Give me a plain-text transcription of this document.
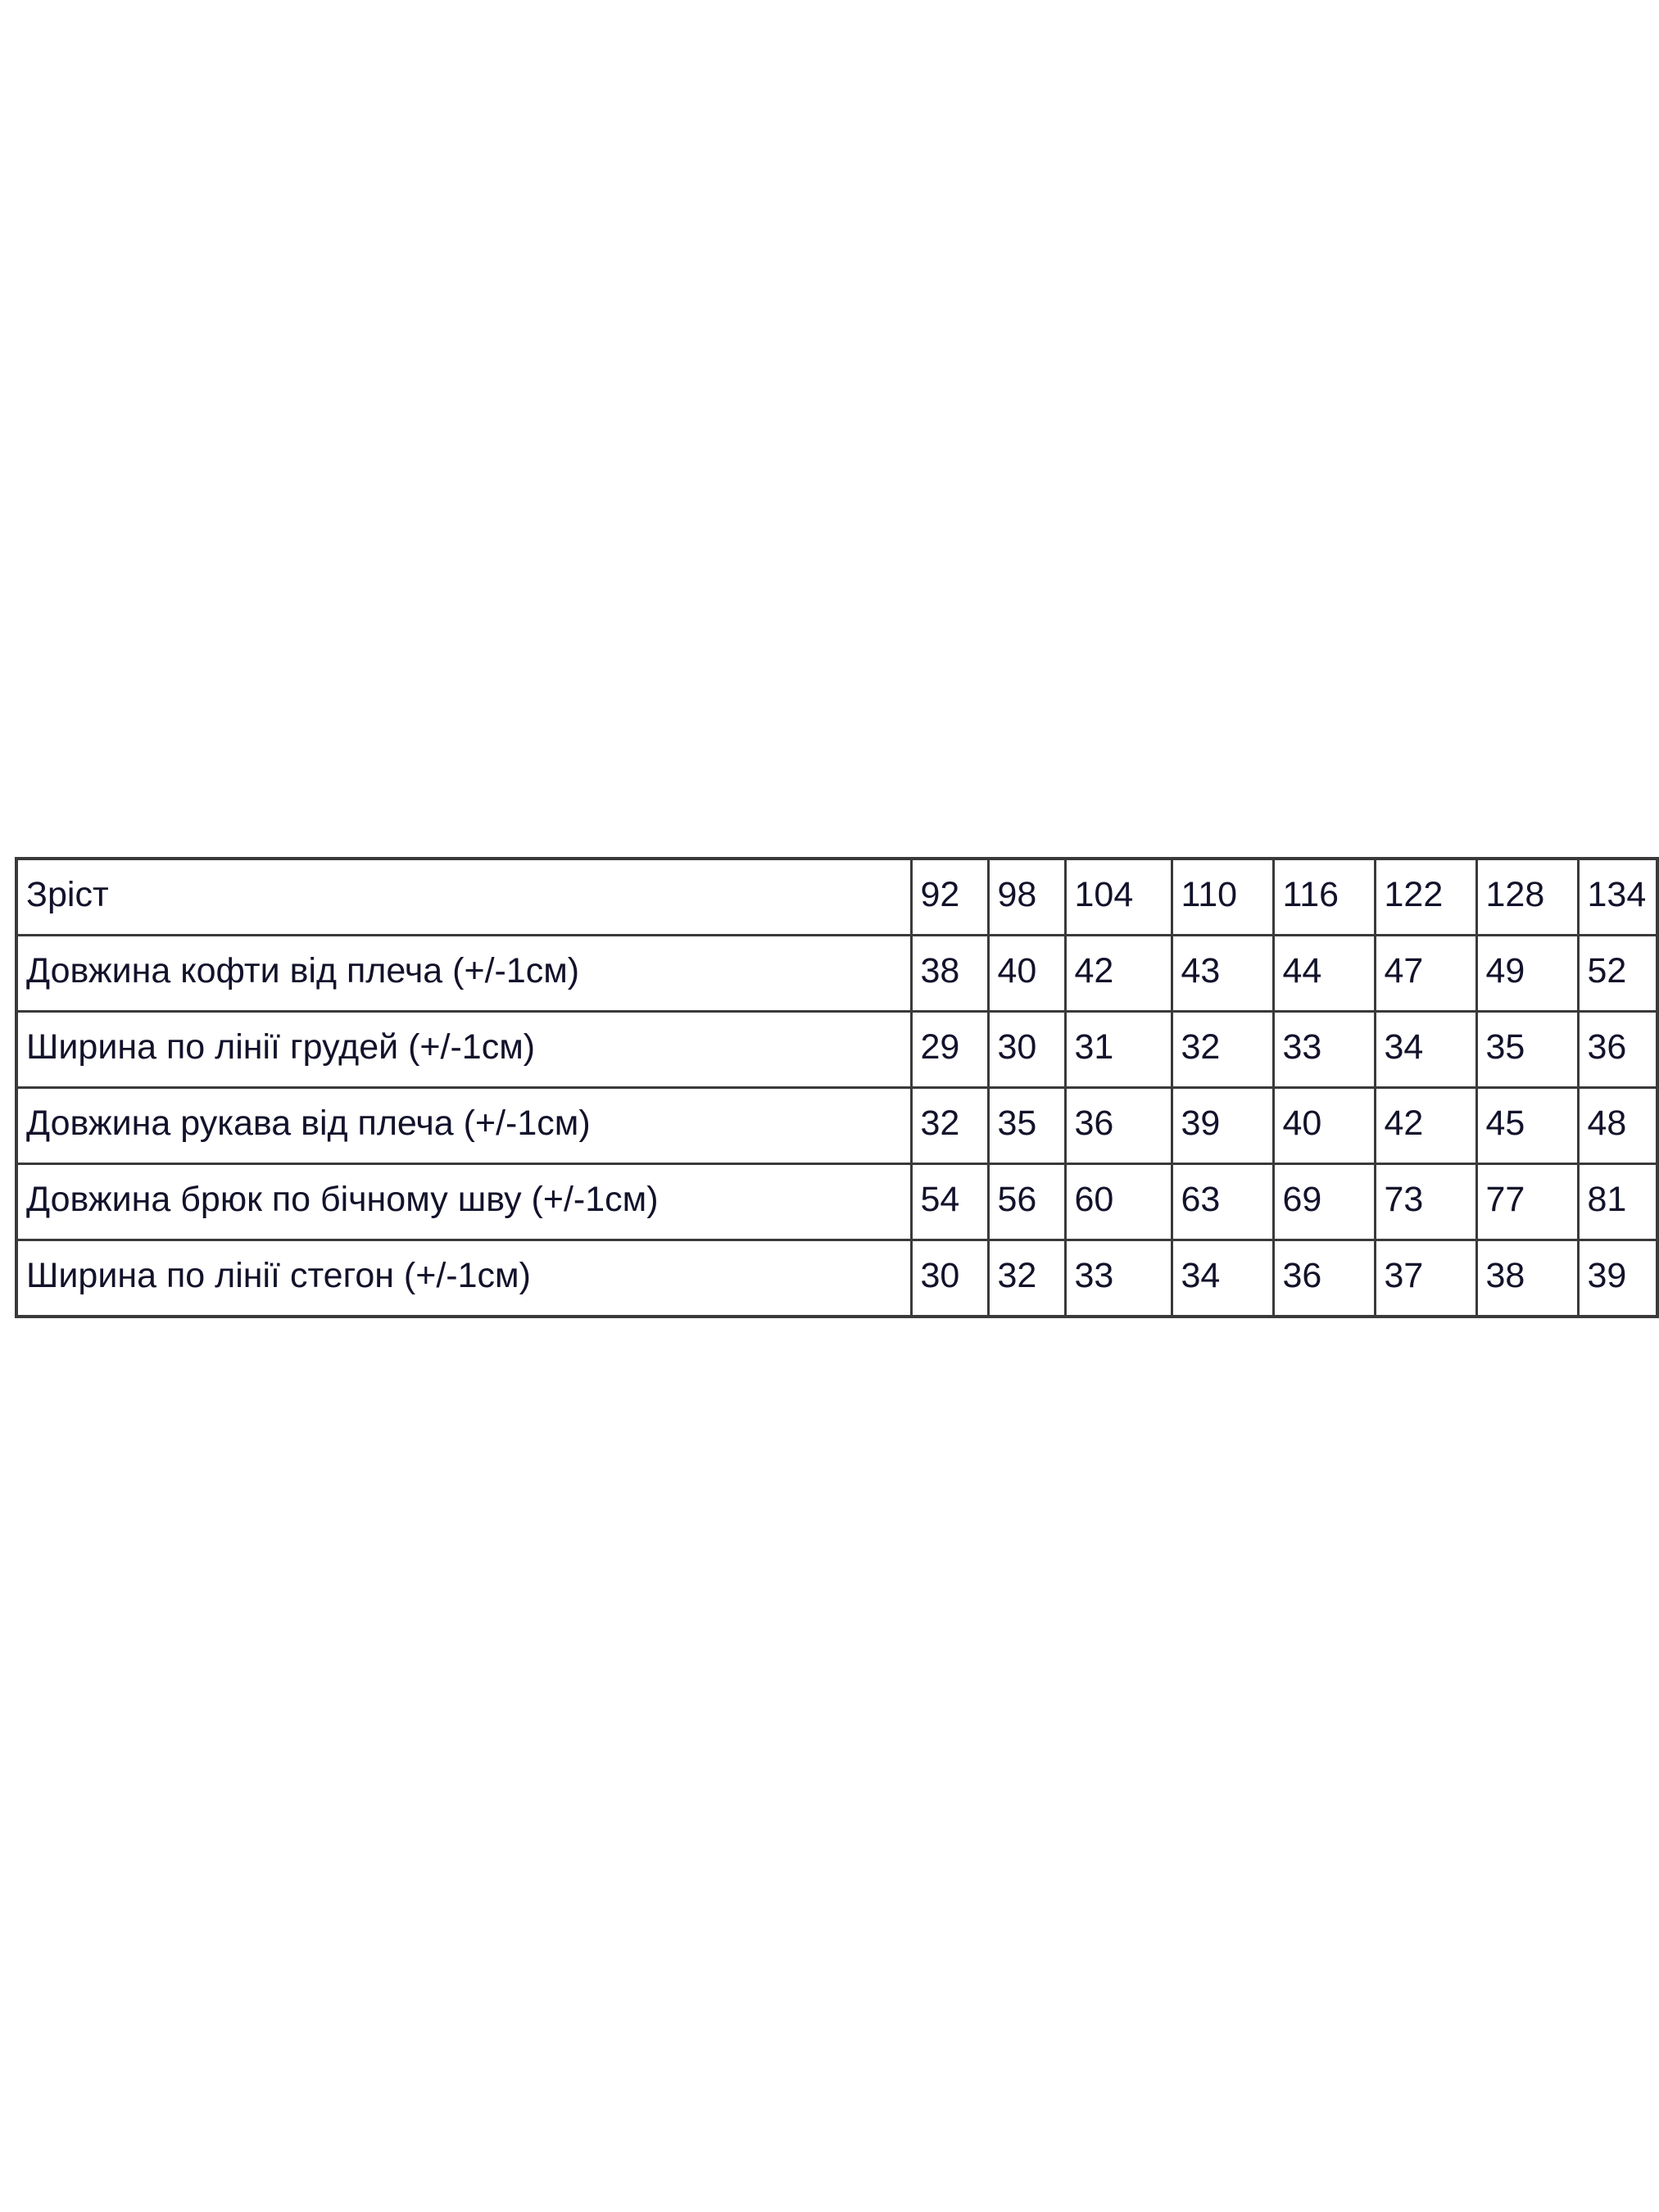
Зріст	92	98	104	110	116	122	128	134
Довжина кофти від плеча (+/-1см)	38	40	42	43	44	47	49	52
Ширина по лінії грудей (+/-1см)	29	30	31	32	33	34	35	36
Довжина рукава від плеча (+/-1см)	32	35	36	39	40	42	45	48
Довжина брюк по бічному шву (+/-1см)	54	56	60	63	69	73	77	81
Ширина по лінії стегон (+/-1см)	30	32	33	34	36	37	38	39
